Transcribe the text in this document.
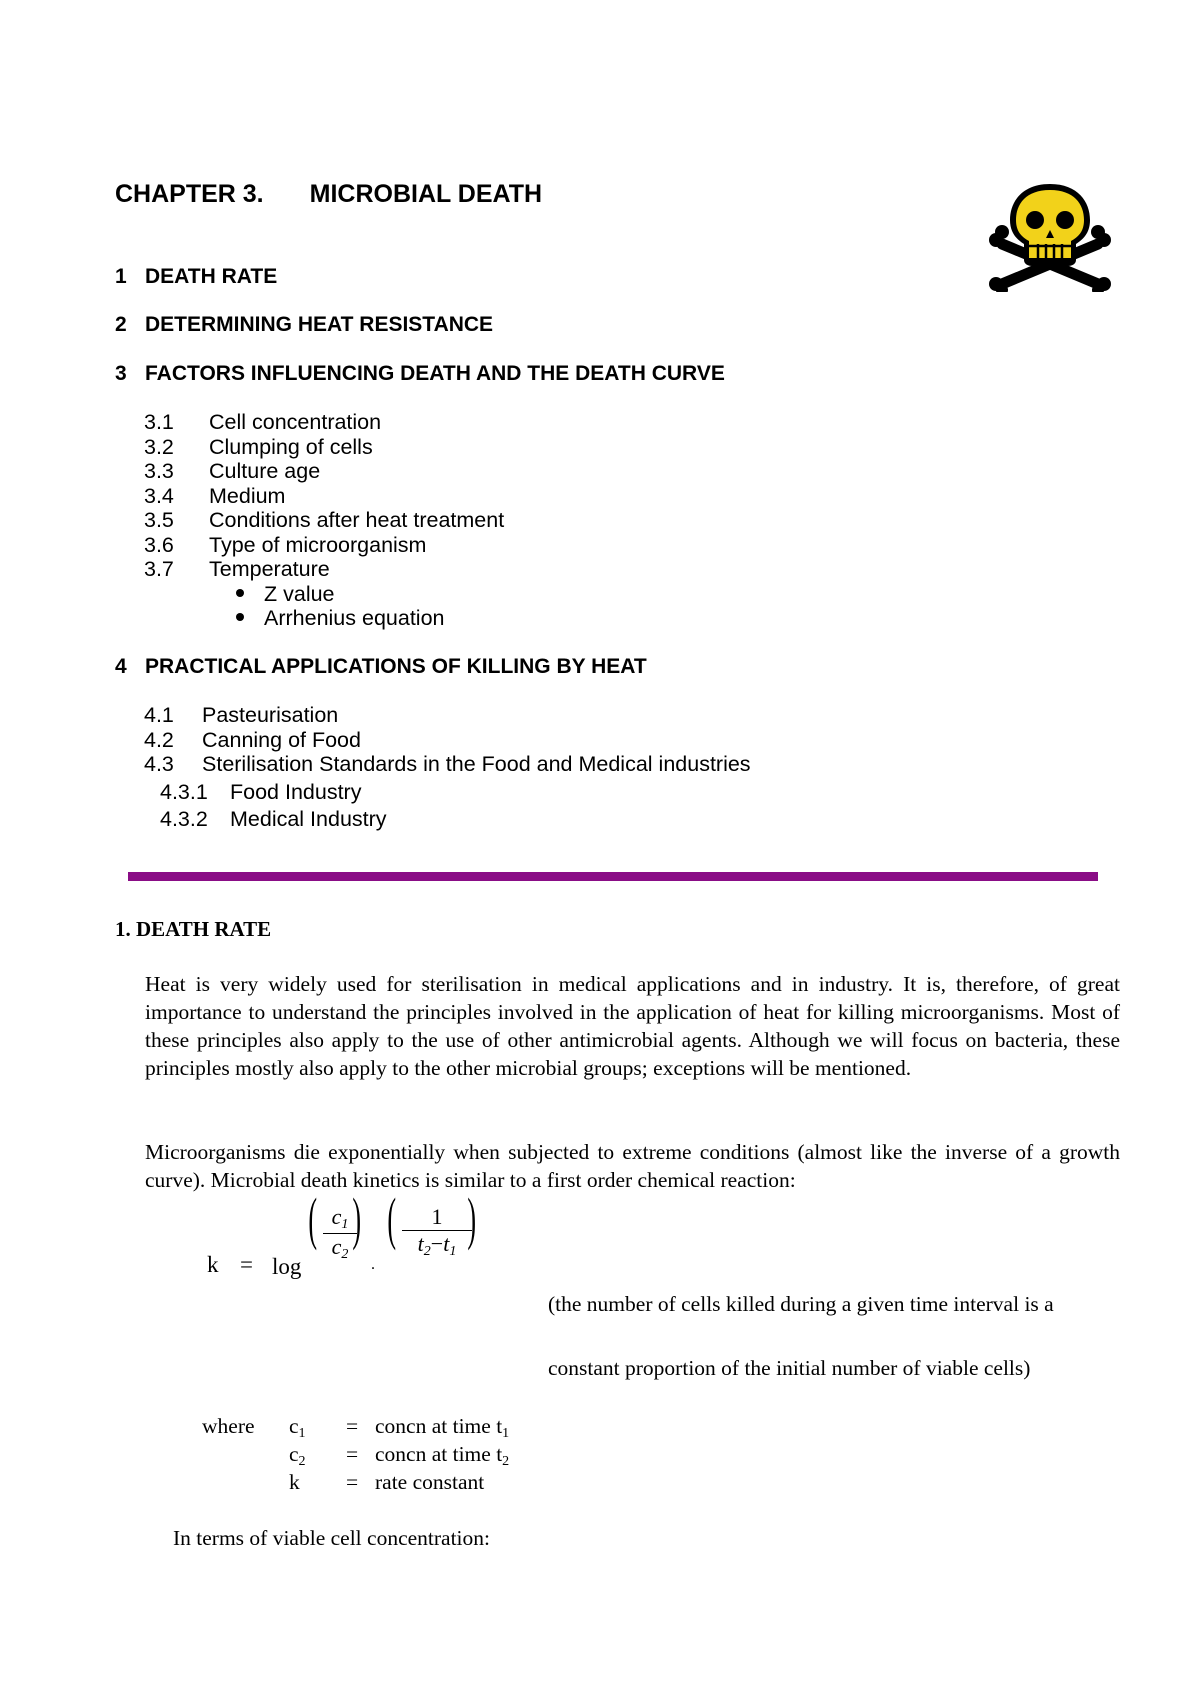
CHAPTER 3. MICROBIAL DEATH
1 DEATH RATE
2 DETERMINING HEAT RESISTANCE
3 FACTORS INFLUENCING DEATH AND THE DEATH CURVE
3.1 Cell concentration
3.2 Clumping of cells
3.3 Culture age
3.4 Medium
3.5 Conditions after heat treatment
3.6 Type of microorganism
3.7 Temperature
Z value
Arrhenius equation
4 PRACTICAL APPLICATIONS OF KILLING BY HEAT
4.1 Pasteurisation
4.2 Canning of Food
4.3 Sterilisation Standards in the Food and Medical industries
4.3.1 Food Industry
4.3.2 Medical Industry
1. DEATH RATE
Heat is very widely used for sterilisation in medical applications and in industry. It is, therefore, of great importance to understand the principles involved in the application of heat for killing microorganisms. Most of these principles also apply to the use of other antimicrobial agents. Although we will focus on bacteria, these principles mostly also apply to the other microbial groups; exceptions will be mentioned.
Microorganisms die exponentially when subjected to extreme conditions (almost like the inverse of a growth curve). Microbial death kinetics is similar to a first order chemical reaction:
k = log
( $\frac{c_1}{c_2}$
)
.
( $\frac{1}{t_2-t_1}$
)
(the number of cells killed during a given time interval is a
constant proportion of the initial number of viable cells)
where $c_1$ = concn at time $t_1$
$c_2$ = concn at time $t_2$
k = rate constant
In terms of viable cell concentration:
